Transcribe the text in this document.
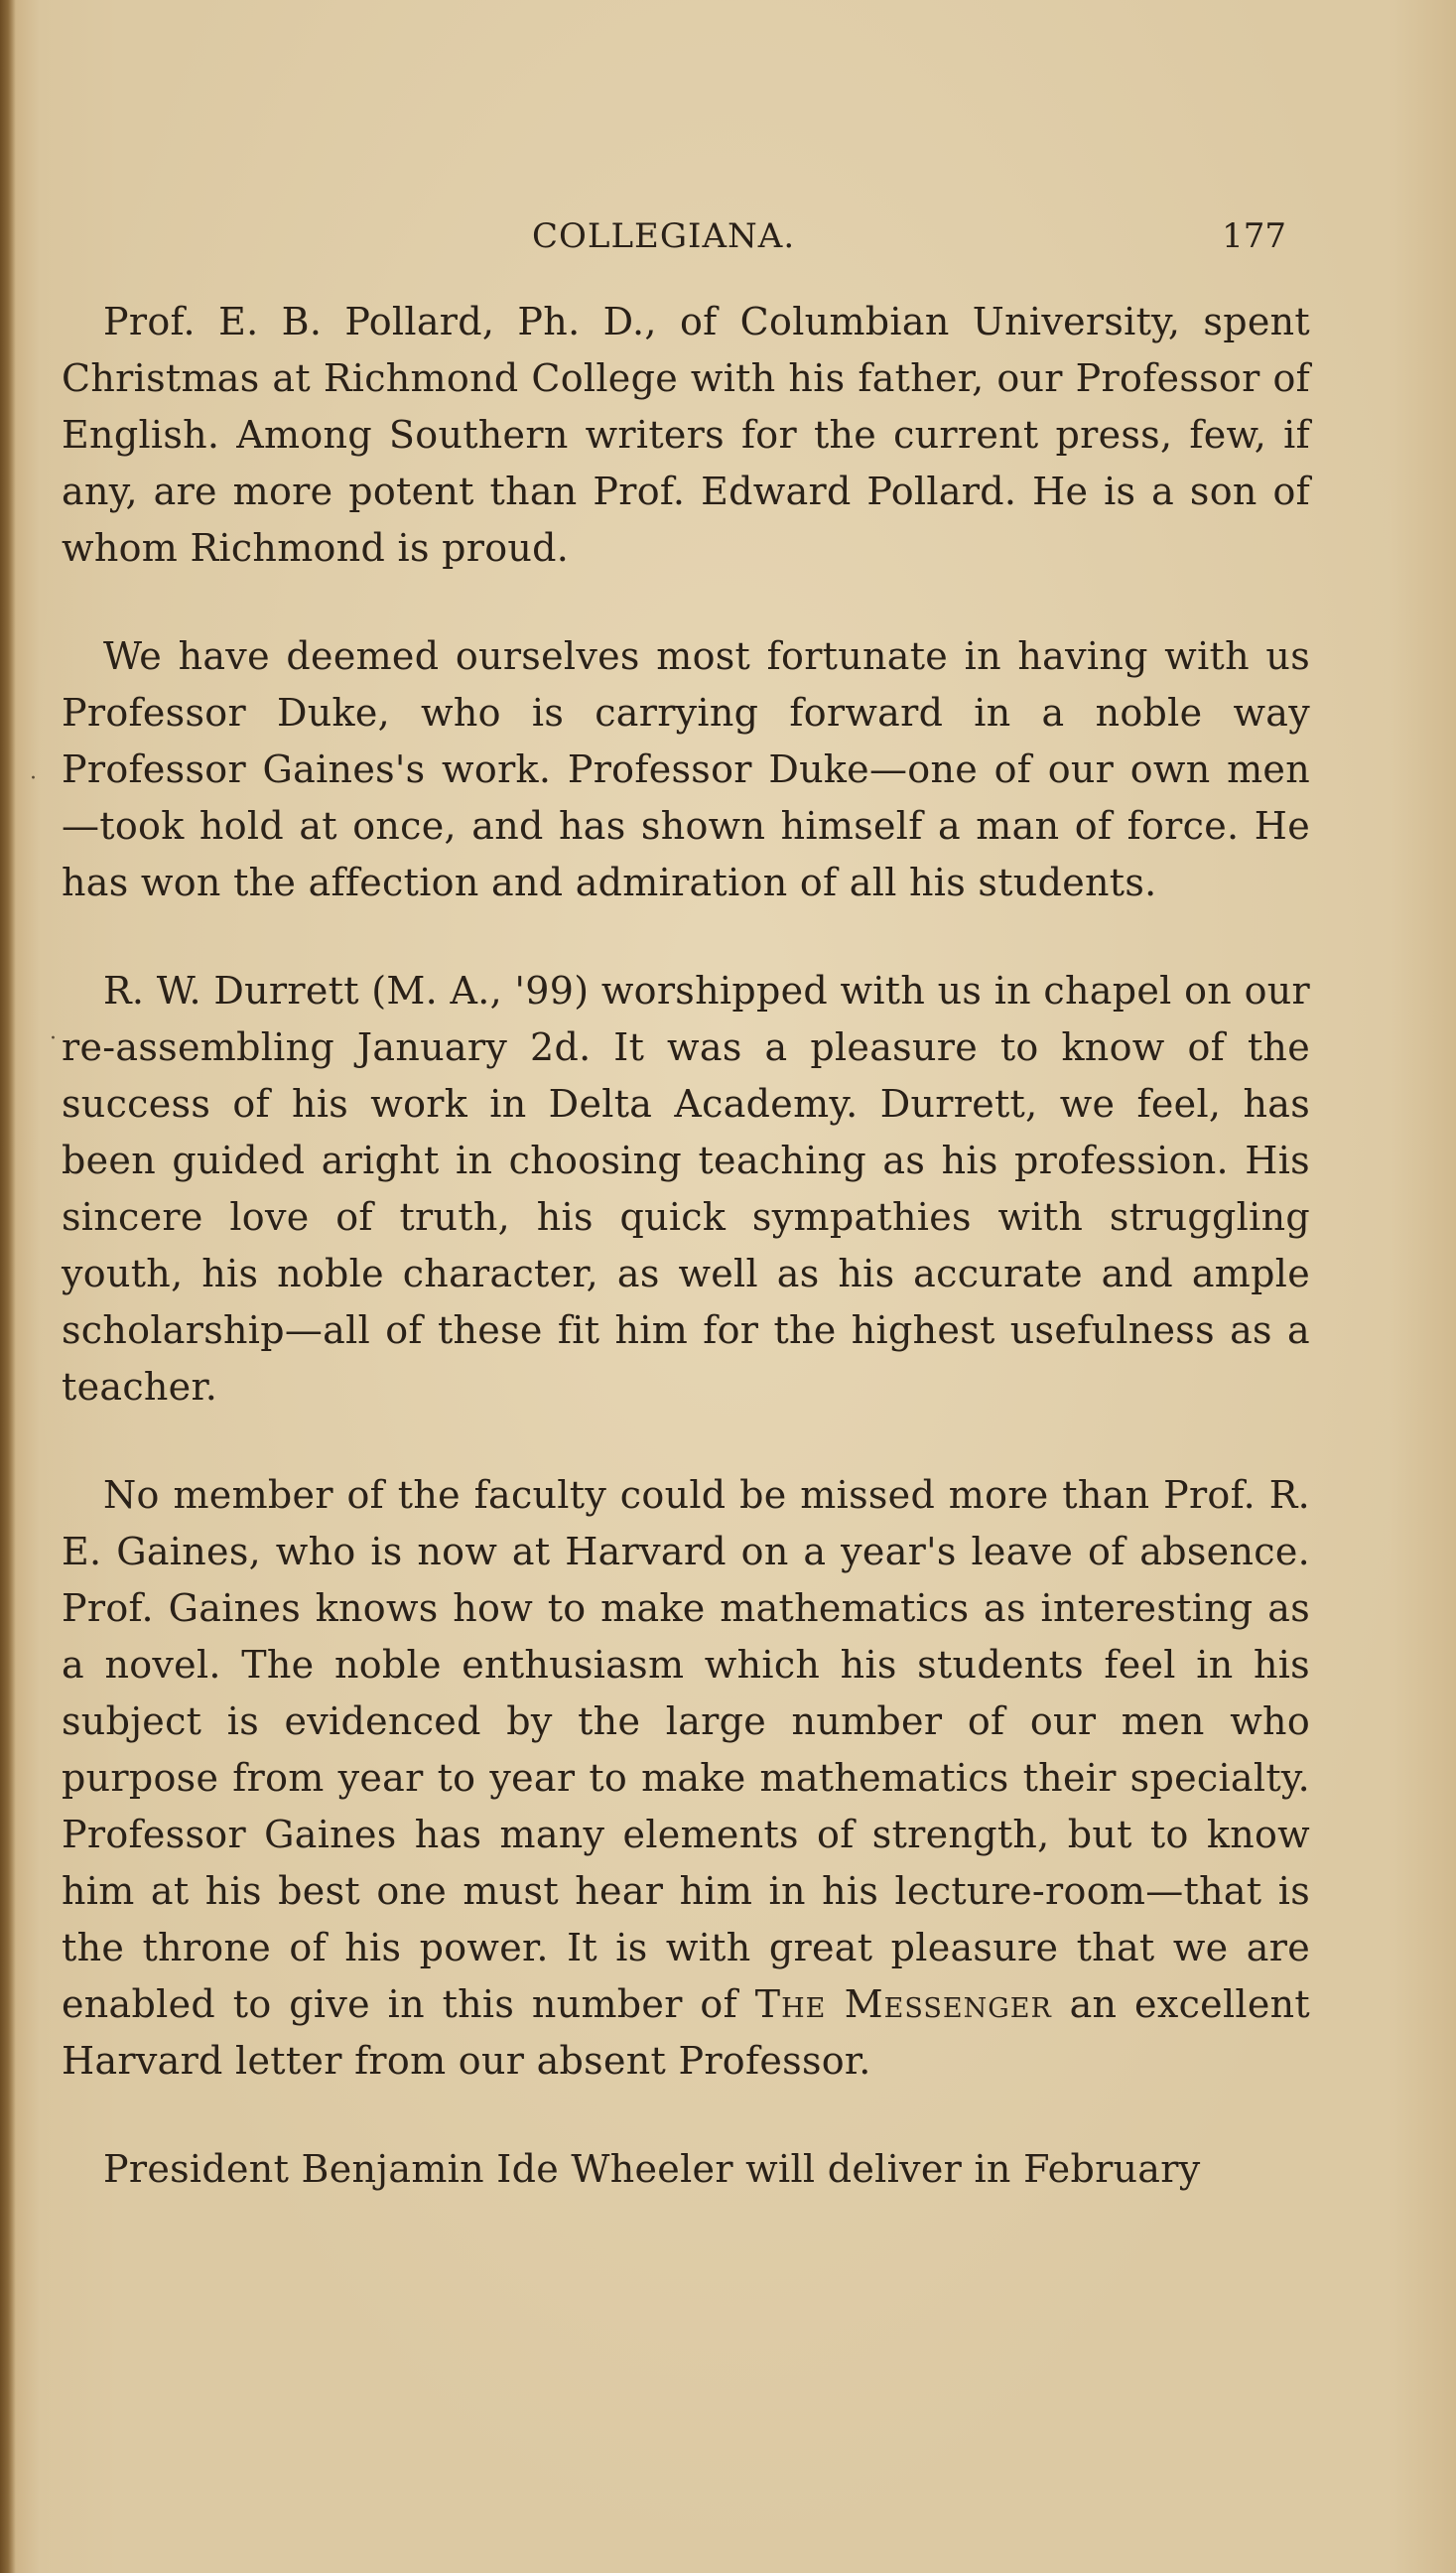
COLLEGIANA.	177

Prof. E. B. Pollard, Ph. D., of Columbian University, spent Christmas at Richmond College with his father, our Professor of English. Among Southern writers for the current press, few, if any, are more potent than Prof. Edward Pollard. He is a son of whom Richmond is proud.

We have deemed ourselves most fortunate in having with us Professor Duke, who is carrying forward in a noble way Professor Gaines's work. Professor Duke—one of our own men—took hold at once, and has shown himself a man of force. He has won the affection and admiration of all his students.

R. W. Durrett (M. A., '99) worshipped with us in chapel on our re-assembling January 2d. It was a pleasure to know of the success of his work in Delta Academy. Durrett, we feel, has been guided aright in choosing teaching as his profession. His sincere love of truth, his quick sympathies with struggling youth, his noble character, as well as his accurate and ample scholarship—all of these fit him for the highest usefulness as a teacher.

No member of the faculty could be missed more than Prof. R. E. Gaines, who is now at Harvard on a year's leave of absence. Prof. Gaines knows how to make mathematics as interesting as a novel. The noble enthusiasm which his students feel in his subject is evidenced by the large number of our men who purpose from year to year to make mathematics their specialty. Professor Gaines has many elements of strength, but to know him at his best one must hear him in his lecture-room—that is the throne of his power. It is with great pleasure that we are enabled to give in this number of The Messenger an excellent Harvard letter from our absent Professor.

President Benjamin Ide Wheeler will deliver in February

·
·
